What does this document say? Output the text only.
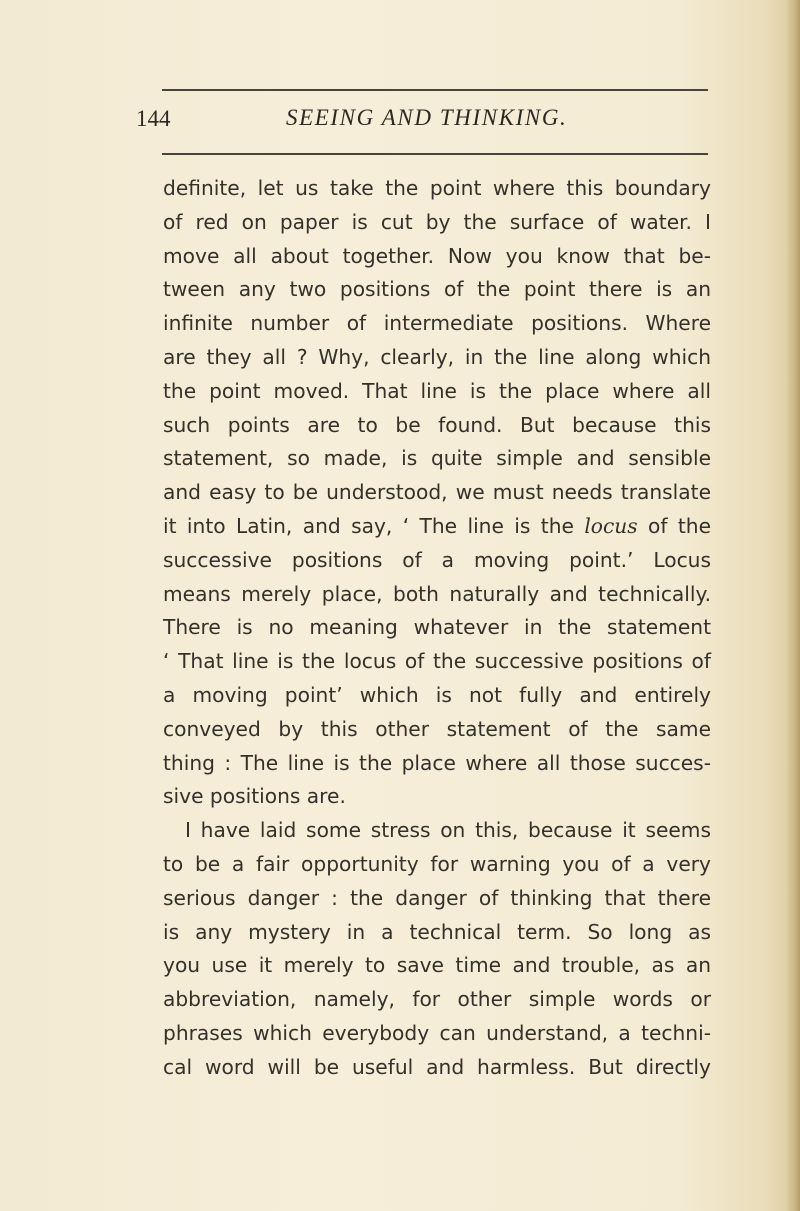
144	SEEING AND THINKING.
definite, let us take the point where this boundary
of red on paper is cut by the surface of water. I
move all about together. Now you know that be-
tween any two positions of the point there is an
infinite number of intermediate positions. Where
are they all ? Why, clearly, in the line along which
the point moved. That line is the place where all
such points are to be found. But because this
statement, so made, is quite simple and sensible
and easy to be understood, we must needs translate
it into Latin, and say, ‘ The line is the locus of the
successive positions of a moving point.’ Locus
means merely place, both naturally and technically.
There is no meaning whatever in the statement
‘ That line is the locus of the successive positions of
a moving point’ which is not fully and entirely
conveyed by this other statement of the same
thing : The line is the place where all those succes-
sive positions are.
I have laid some stress on this, because it seems
to be a fair opportunity for warning you of a very
serious danger : the danger of thinking that there
is any mystery in a technical term. So long as
you use it merely to save time and trouble, as an
abbreviation, namely, for other simple words or
phrases which everybody can understand, a techni-
cal word will be useful and harmless. But directly
